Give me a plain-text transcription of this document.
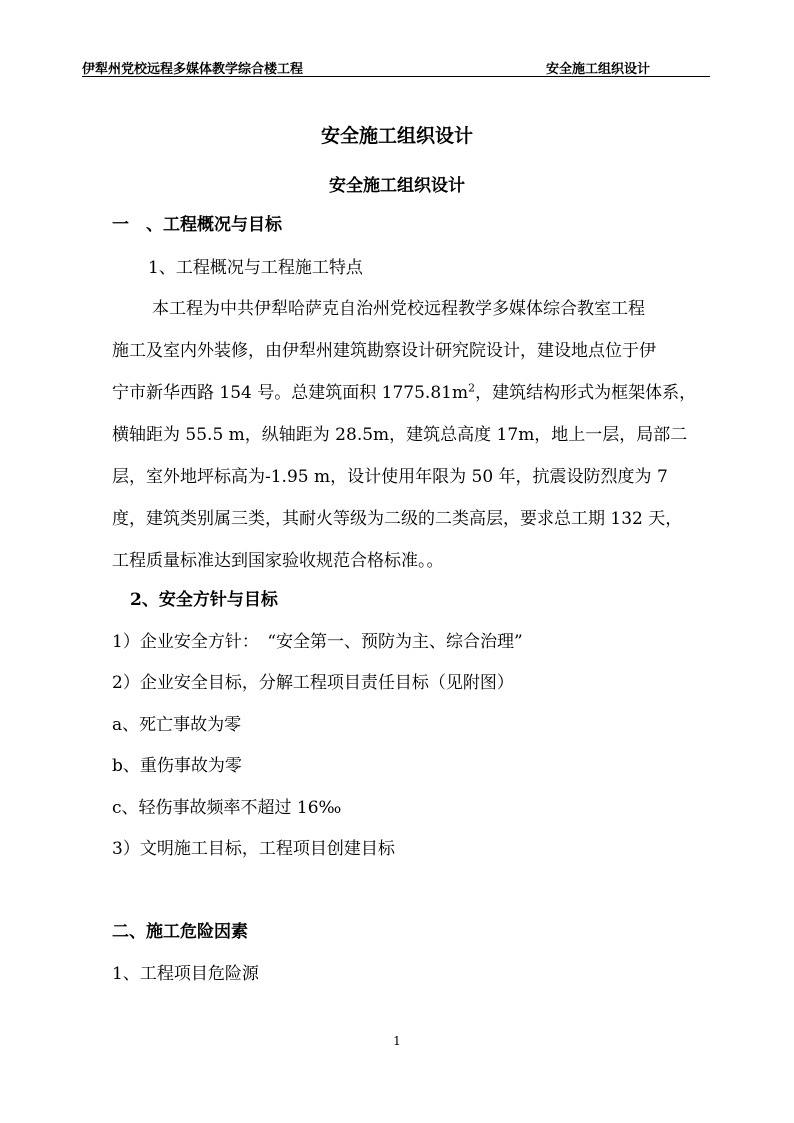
伊犁州党校远程多媒体教学综合楼工程	安全施工组织设计
安全施工组织设计
安全施工组织设计
一　、工程概况与目标
1、工程概况与工程施工特点
本工程为中共伊犁哈萨克自治州党校远程教学多媒体综合教室工程
施工及室内外装修，由伊犁州建筑勘察设计研究院设计，建设地点位于伊
宁市新华西路 154 号。总建筑面积 $1775.81m^2$，建筑结构形式为框架体系，
横轴距为 55.5 m，纵轴距为 28.5m，建筑总高度 17m，地上一层，局部二
层，室外地坪标高为-1.95 m，设计使用年限为 50 年，抗震设防烈度为 7
度，建筑类别属三类，其耐火等级为二级的二类高层，要求总工期 132 天，
工程质量标准达到国家验收规范合格标准。。
2、安全方针与目标
1）企业安全方针：　“安全第一、预防为主、综合治理”
2）企业安全目标，分解工程项目责任目标（见附图）
a、死亡事故为零
b、重伤事故为零
c、轻伤事故频率不超过 16‰
3）文明施工目标，工程项目创建目标
二、施工危险因素
1、工程项目危险源
1
